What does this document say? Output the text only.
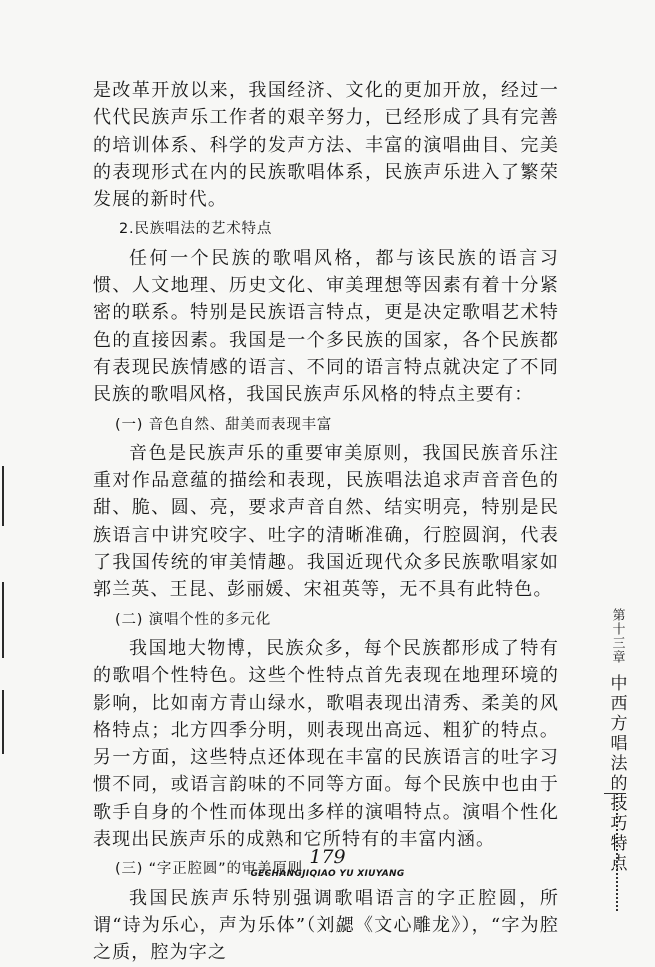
是改革开放以来，我国经济、文化的更加开放，经过一代代民族声乐工作者的艰辛努力，已经形成了具有完善的培训体系、科学的发声方法、丰富的演唱曲目、完美的表现形式在内的民族歌唱体系，民族声乐进入了繁荣发展的新时代。

2.民族唱法的艺术特点

任何一个民族的歌唱风格，都与该民族的语言习惯、人文地理、历史文化、审美理想等因素有着十分紧密的联系。特别是民族语言特点，更是决定歌唱艺术特色的直接因素。我国是一个多民族的国家，各个民族都有表现民族情感的语言、不同的语言特点就决定了不同民族的歌唱风格，我国民族声乐风格的特点主要有：

(一) 音色自然、甜美而表现丰富

音色是民族声乐的重要审美原则，我国民族音乐注重对作品意蕴的描绘和表现，民族唱法追求声音音色的甜、脆、圆、亮，要求声音自然、结实明亮，特别是民族语言中讲究咬字、吐字的清晰准确，行腔圆润，代表了我国传统的审美情趣。我国近现代众多民族歌唱家如郭兰英、王昆、彭丽媛、宋祖英等，无不具有此特色。

(二) 演唱个性的多元化

我国地大物博，民族众多，每个民族都形成了特有的歌唱个性特色。这些个性特点首先表现在地理环境的影响，比如南方青山绿水，歌唱表现出清秀、柔美的风格特点；北方四季分明，则表现出高远、粗犷的特点。另一方面，这些特点还体现在丰富的民族语言的吐字习惯不同，或语言韵味的不同等方面。每个民族中也由于歌手自身的个性而体现出多样的演唱特点。演唱个性化表现出民族声乐的成熟和它所特有的丰富内涵。

(三) “字正腔圆”的审美原则

我国民族声乐特别强调歌唱语言的字正腔圆，所谓“诗为乐心，声为乐体”（刘勰《文心雕龙》），“字为腔之质，腔为字之

第十三章
中西方唱法的技巧特点
179
GECHANGJIQIAO YU XIUYANG
